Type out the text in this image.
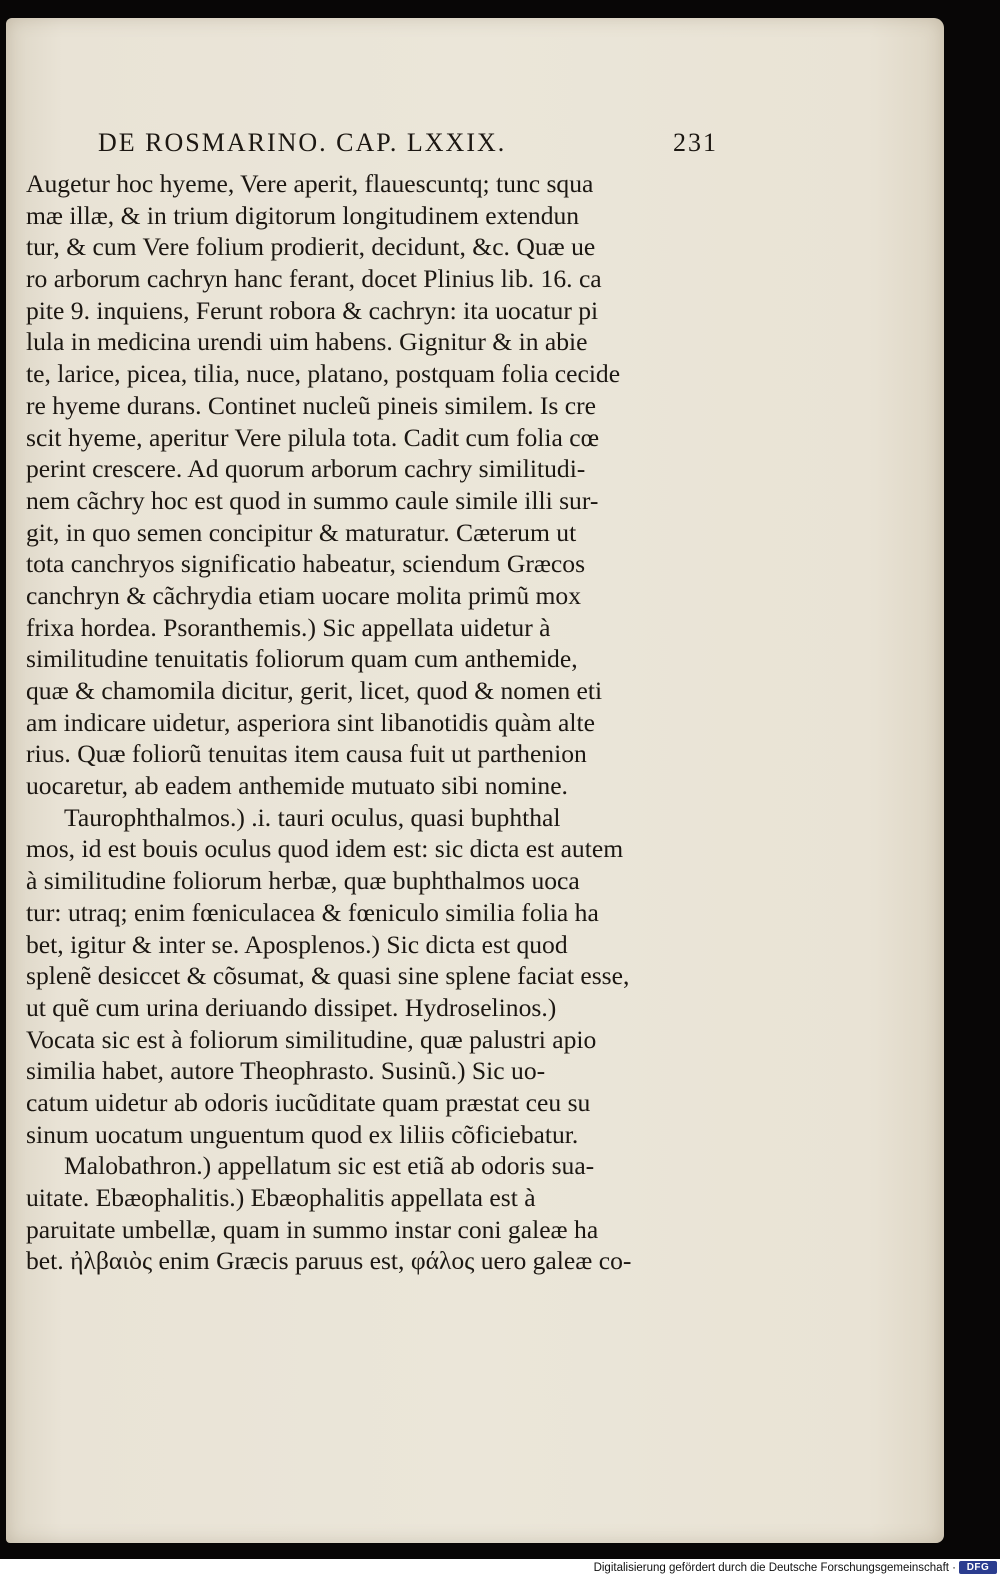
DE ROSMARINO. CAP. LXXIX.	231
Augetur hoc hyeme, Vere aperit, flauescuntq; tunc squa
mæ illæ, & in trium digitorum longitudinem extendun
tur, & cum Vere folium prodierit, decidunt, &c. Quæ ue
ro arborum cachryn hanc ferant, docet Plinius lib. 16. ca
pite 9. inquiens, Ferunt robora & cachryn: ita uocatur pi
lula in medicina urendi uim habens. Gignitur & in abie
te, larice, picea, tilia, nuce, platano, postquam folia cecide
re hyeme durans. Continet nucleũ pineis similem. Is cre
scit hyeme, aperitur Vere pilula tota. Cadit cum folia cœ
perint crescere. Ad quorum arborum cachry similitudi-
nem cãchry hoc est quod in summo caule simile illi sur-
git, in quo semen concipitur & maturatur. Cæterum ut
tota canchryos significatio habeatur, sciendum Græcos
canchryn & cãchrydia etiam uocare molita primũ mox
frixa hordea. Psoranthemis.) Sic appellata uidetur à
similitudine tenuitatis foliorum quam cum anthemide,
quæ & chamomila dicitur, gerit, licet, quod & nomen eti
am indicare uidetur, asperiora sint libanotidis quàm alte
rius. Quæ foliorũ tenuitas item causa fuit ut parthenion
uocaretur, ab eadem anthemide mutuato sibi nomine.
Taurophthalmos.) .i. tauri oculus, quasi buphthal
mos, id est bouis oculus quod idem est: sic dicta est autem
à similitudine foliorum herbæ, quæ buphthalmos uoca
tur: utraq; enim fœniculacea & fœniculo similia folia ha
bet, igitur & inter se. Aposplenos.) Sic dicta est quod
splenẽ desiccet & cõsumat, & quasi sine splene faciat esse,
ut quẽ cum urina deriuando dissipet. Hydroselinos.)
Vocata sic est à foliorum similitudine, quæ palustri apio
similia habet, autore Theophrasto. Susinũ.) Sic uo-
catum uidetur ab odoris iucũditate quam præstat ceu su
sinum uocatum unguentum quod ex liliis cõficiebatur.
Malobathron.) appellatum sic est etiã ab odoris sua-
uitate. Ebæophalitis.) Ebæophalitis appellata est à
paruitate umbellæ, quam in summo instar coni galeæ ha
bet. ἠλβαιὸς enim Græcis paruus est, φάλος uero galeæ co-
Digitalisierung gefördert durch die Deutsche Forschungsgemeinschaft ·	DFG
